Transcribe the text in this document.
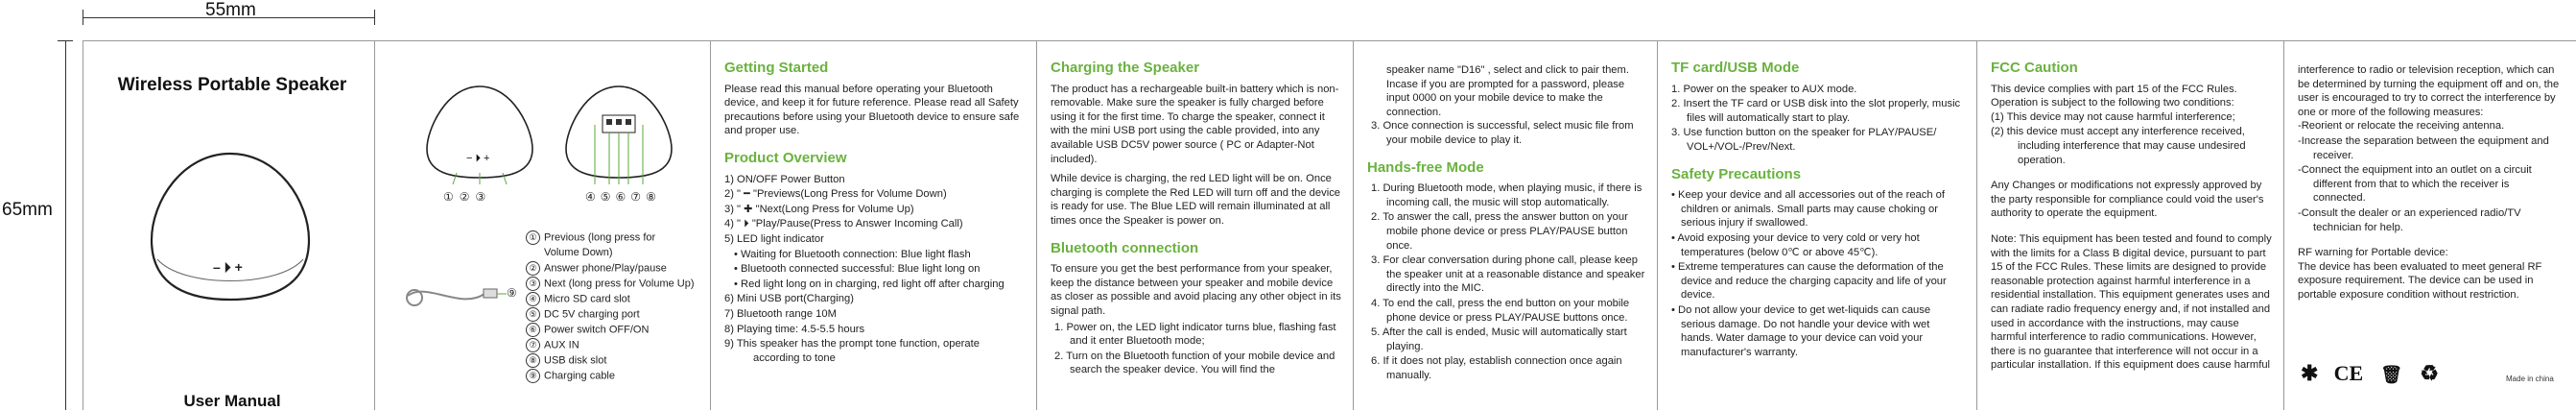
55mm
65mm
Wireless Portable Speaker
– ⏵ +
User Manual
− ⏵ +
①②③	④⑤⑥⑦⑧
⑨
① Previous (long press for
Volume Down)
② Answer phone/Play/pause
③ Next (long press for Volume Up)
④ Micro SD card slot
⑤ DC 5V charging port
⑥ Power switch OFF/ON
⑦ AUX IN
⑧ USB disk slot
⑨ Charging cable
Getting Started

Please read this manual before operating your Bluetooth device, and keep it for future reference. Please read all Safety precautions before using your Bluetooth device to ensure safe and proper use.

Product Overview
1) ON/OFF Power Button
2) " ━ "Previews(Long Press for Volume Down)
3) " ✚ "Next(Long Press for Volume Up)
4) " ⏵ "Play/Pause(Press to Answer Incoming Call)
5) LED light indicator
• Waiting for Bluetooth connection: Blue light flash
• Bluetooth connected successful: Blue light long on
• Red light long on in charging, red light off after charging
6) Mini USB port(Charging)
7) Bluetooth range 10M
8) Playing time: 4.5-5.5 hours
9) This speaker has the prompt tone function, operate according to tone
Charging the Speaker

The product has a rechargeable built-in battery which is non-removable. Make sure the speaker is fully charged before using it for the first time. To charge the speaker, connect it with the mini USB port using the cable provided, into any available USB DC5V power source ( PC or Adapter-Not included).

While device is charging, the red LED light will be on. Once charging is complete the Red LED will turn off and the device is ready for use. The Blue LED will remain illuminated at all times once the Speaker is power on.

Bluetooth connection

To ensure you get the best performance from your speaker, keep the distance between your speaker and mobile device as closer as possible and avoid placing any other object in its signal path.

1. Power on, the LED light indicator turns blue, flashing fast and it enter Bluetooth mode;
2. Turn on the Bluetooth function of your mobile device and search the speaker device. You will find the

speaker name "D16" , select and click to pair them. Incase if you are prompted for a password, please input 0000 on your mobile device to make the connection.

3. Once connection is successful, select music file from your mobile device to play it.
Hands-free Mode
1. During Bluetooth mode, when playing music, if there is incoming call, the music will stop automatically.
2. To answer the call, press the answer button on your mobile phone device or press PLAY/PAUSE button once.
3. For clear conversation during phone call, please keep the speaker unit at a reasonable distance and speaker directly into the MIC.
4. To end the call, press the end button on your mobile phone device or press PLAY/PAUSE buttons once.
5. After the call is ended, Music will automatically start playing.
6. If it does not play, establish connection once again manually.
TF card/USB Mode
1. Power on the speaker to AUX mode.
2. Insert the TF card or USB disk into the slot properly, music files will automatically start to play.
3. Use function button on the speaker for PLAY/PAUSE/ VOL+/VOL-/Prev/Next.
Safety Precautions
• Keep your device and all accessories out of the reach of children or animals. Small parts may cause choking or serious injury if swallowed.
• Avoid exposing your device to very cold or very hot temperatures (below 0℃ or above 45℃).
• Extreme temperatures can cause the deformation of the device and reduce the charging capacity and life of your device.
• Do not allow your device to get wet-liquids can cause serious damage. Do not handle your device with wet hands. Water damage to your device can void your manufacturer's warranty.
FCC Caution

This device complies with part 15 of the FCC Rules. Operation is subject to the following two conditions:

(1) This device may not cause harmful interference;
(2) this device must accept any interference received, including interference that may cause undesired operation.

Any Changes or modifications not expressly approved by the party responsible for compliance could void the user's authority to operate the equipment.

Note: This equipment has been tested and found to comply with the limits for a Class B digital device, pursuant to part 15 of the FCC Rules. These limits are designed to provide reasonable protection against harmful interference in a residential installation. This equipment generates uses and can radiate radio frequency energy and, if not installed and used in accordance with the instructions, may cause harmful interference to radio communications. However, there is no guarantee that interference will not occur in a particular installation. If this equipment does cause harmful

interference to radio or television reception, which can be determined by turning the equipment off and on, the user is encouraged to try to correct the interference by one or more of the following measures:

-Reorient or relocate the receiving antenna.
-Increase the separation between the equipment and receiver.
-Connect the equipment into an outlet on a circuit different from that to which the receiver is connected.
-Consult the dealer or an experienced radio/TV technician for help.

RF warning for Portable device:

The device has been evaluated to meet general RF exposure requirement. The device can be used in portable exposure condition without restriction.

✱ CE 🗑 ♻	Made in china
